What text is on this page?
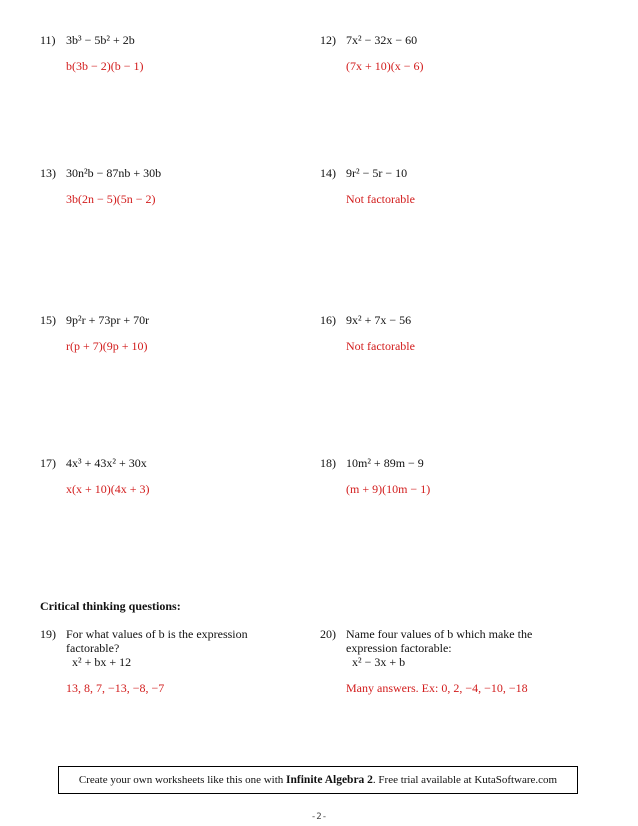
11) 3b³ − 5b² + 2b
b(3b − 2)(b − 1)
12) 7x² − 32x − 60
(7x + 10)(x − 6)
13) 30n²b − 87nb + 30b
3b(2n − 5)(5n − 2)
14) 9r² − 5r − 10
Not factorable
15) 9p²r + 73pr + 70r
r(p + 7)(9p + 10)
16) 9x² + 7x − 56
Not factorable
17) 4x³ + 43x² + 30x
x(x + 10)(4x + 3)
18) 10m² + 89m − 9
(m + 9)(10m − 1)
Critical thinking questions:
19) For what values of b is the expression factorable?
x² + bx + 12
13, 8, 7, −13, −8, −7
20) Name four values of b which make the expression factorable:
x² − 3x + b
Many answers. Ex: 0, 2, −4, −10, −18
Create your own worksheets like this one with Infinite Algebra 2. Free trial available at KutaSoftware.com
-2-
